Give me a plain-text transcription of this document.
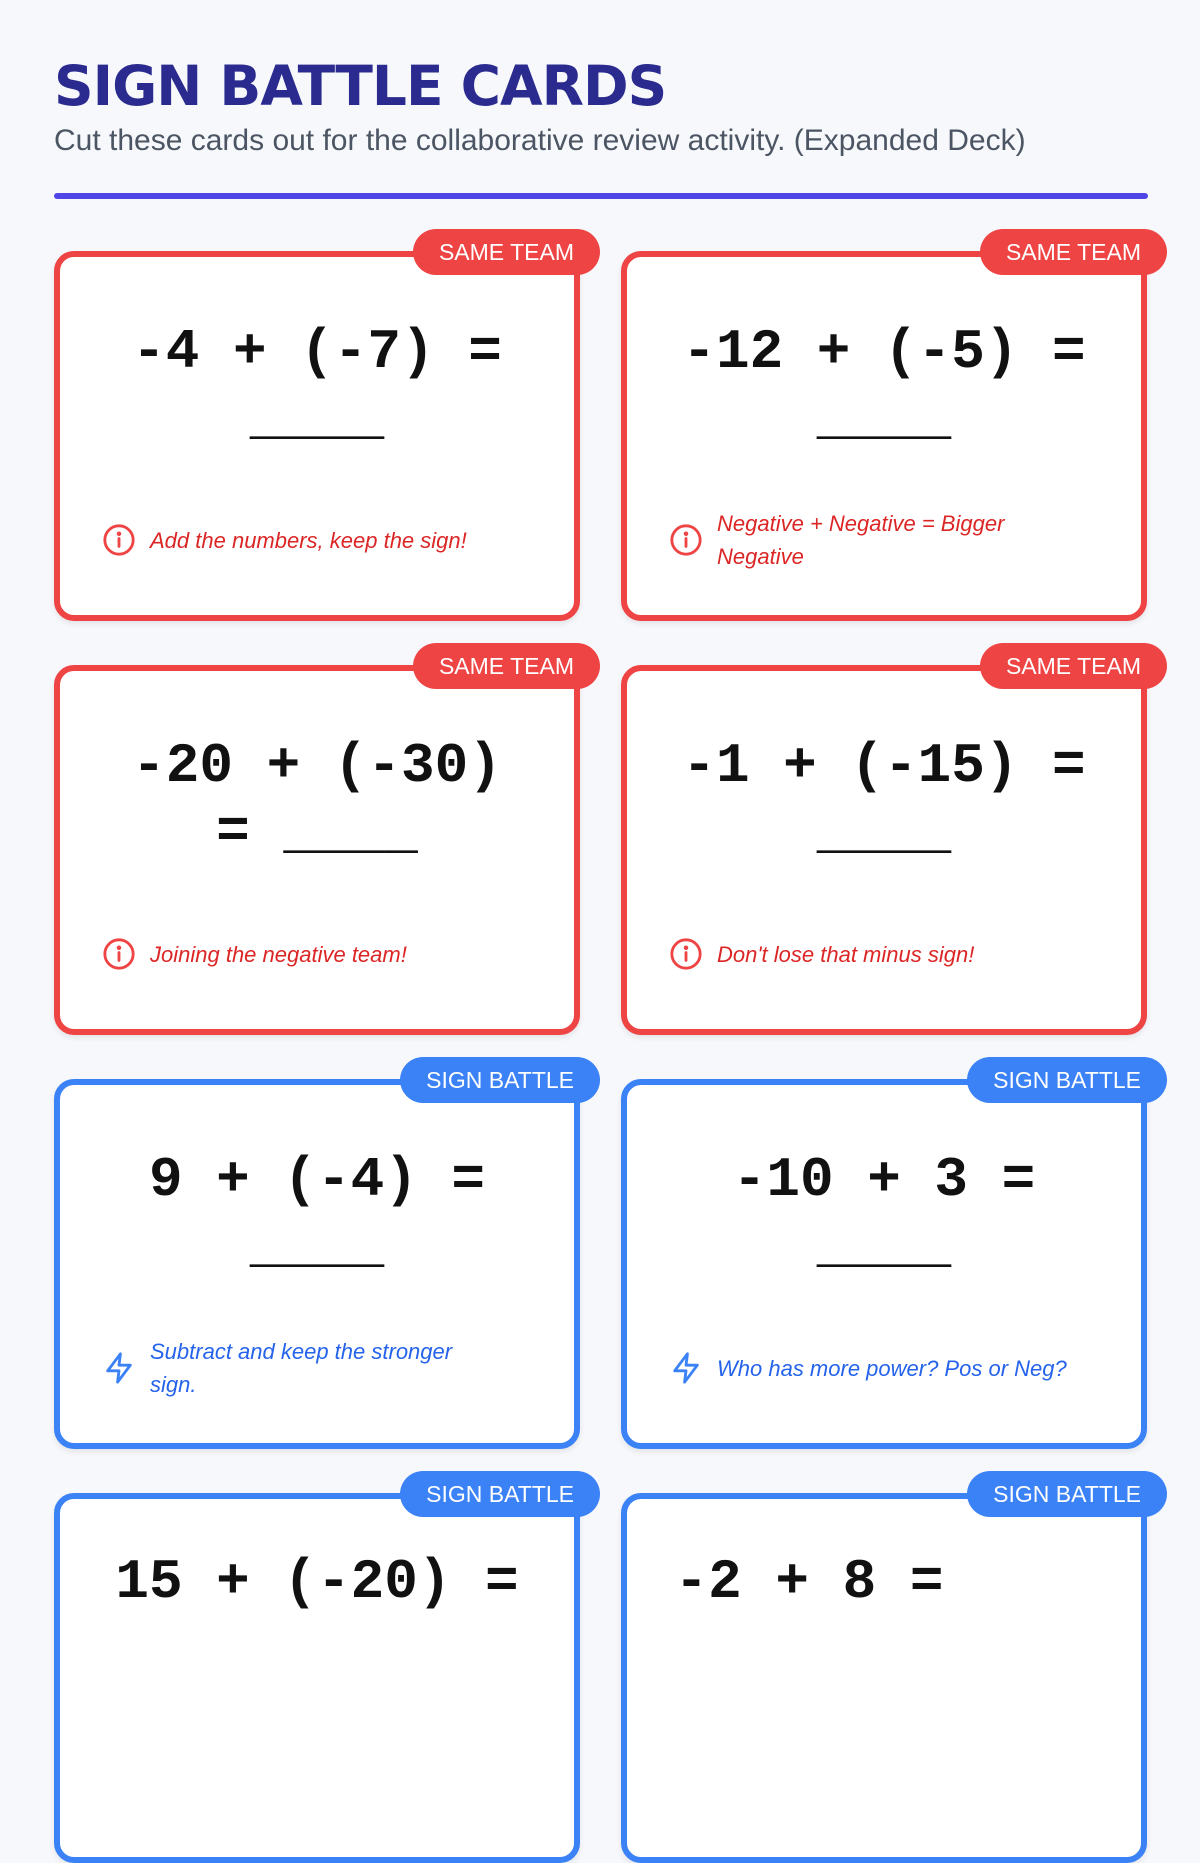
SIGN BATTLE CARDS

Cut these cards out for the collaborative review activity. (Expanded Deck)

SAME TEAM
-4 + (-7) = ____
Add the numbers, keep the sign!
SAME TEAM
-12 + (-5) = ____
Negative + Negative = Bigger Negative
SAME TEAM
-20 + (-30) = ____
Joining the negative team!
SAME TEAM
-1 + (-15) = ____
Don't lose that minus sign!
SIGN BATTLE
9 + (-4) = ____
Subtract and keep the stronger sign.
SIGN BATTLE
-10 + 3 = ____
Who has more power? Pos or Neg?
SIGN BATTLE
15 + (-20) =
SIGN BATTLE
-2 + 8 =
